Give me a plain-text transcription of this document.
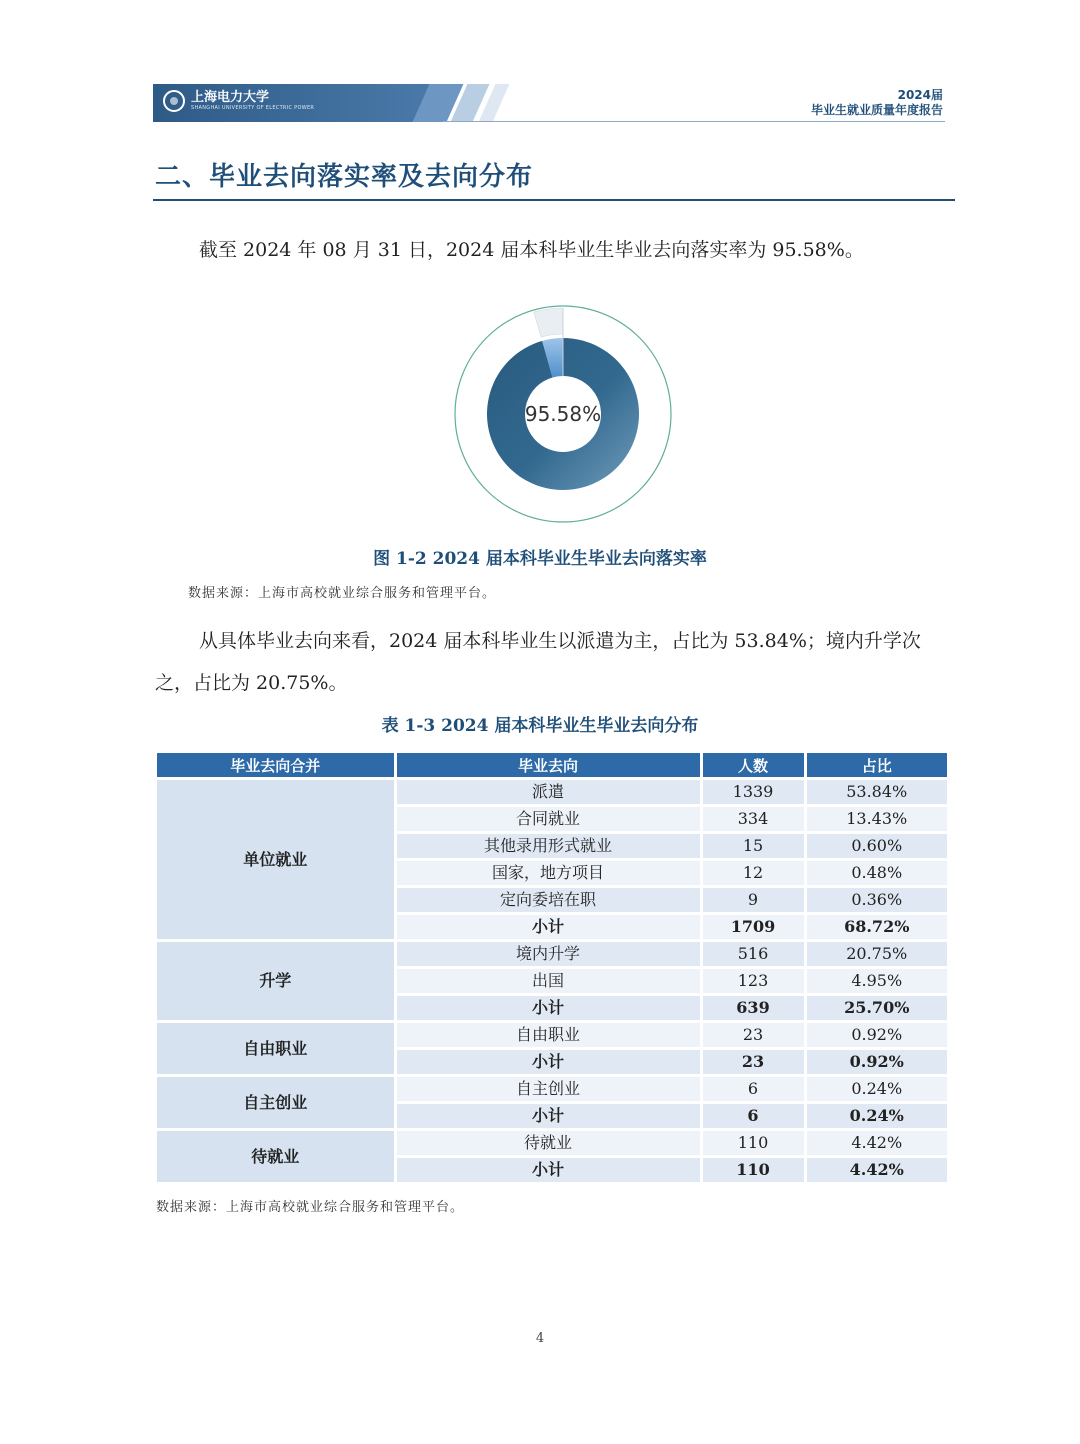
上海电力大学
SHANGHAI UNIVERSITY OF ELECTRIC POWER
2024届
毕业生就业质量年度报告
二、毕业去向落实率及去向分布
截至 2024 年 08 月 31 日，2024 届本科毕业生毕业去向落实率为 95.58%。
95.58%
图 1-2 2024 届本科毕业生毕业去向落实率
数据来源：上海市高校就业综合服务和管理平台。
从具体毕业去向来看，2024 届本科毕业生以派遣为主，占比为 53.84%；境内升学次之，占比为 20.75%。
表 1-3 2024 届本科毕业生毕业去向分布
毕业去向合并	毕业去向	人数	占比
单位就业	派遣	1339	53.84%
	合同就业	334	13.43%
	其他录用形式就业	15	0.60%
	国家，地方项目	12	0.48%
	定向委培在职	9	0.36%
	小计	1709	68.72%
升学	境内升学	516	20.75%
	出国	123	4.95%
	小计	639	25.70%
自由职业	自由职业	23	0.92%
	小计	23	0.92%
自主创业	自主创业	6	0.24%
	小计	6	0.24%
待就业	待就业	110	4.42%
	小计	110	4.42%
数据来源：上海市高校就业综合服务和管理平台。
4
